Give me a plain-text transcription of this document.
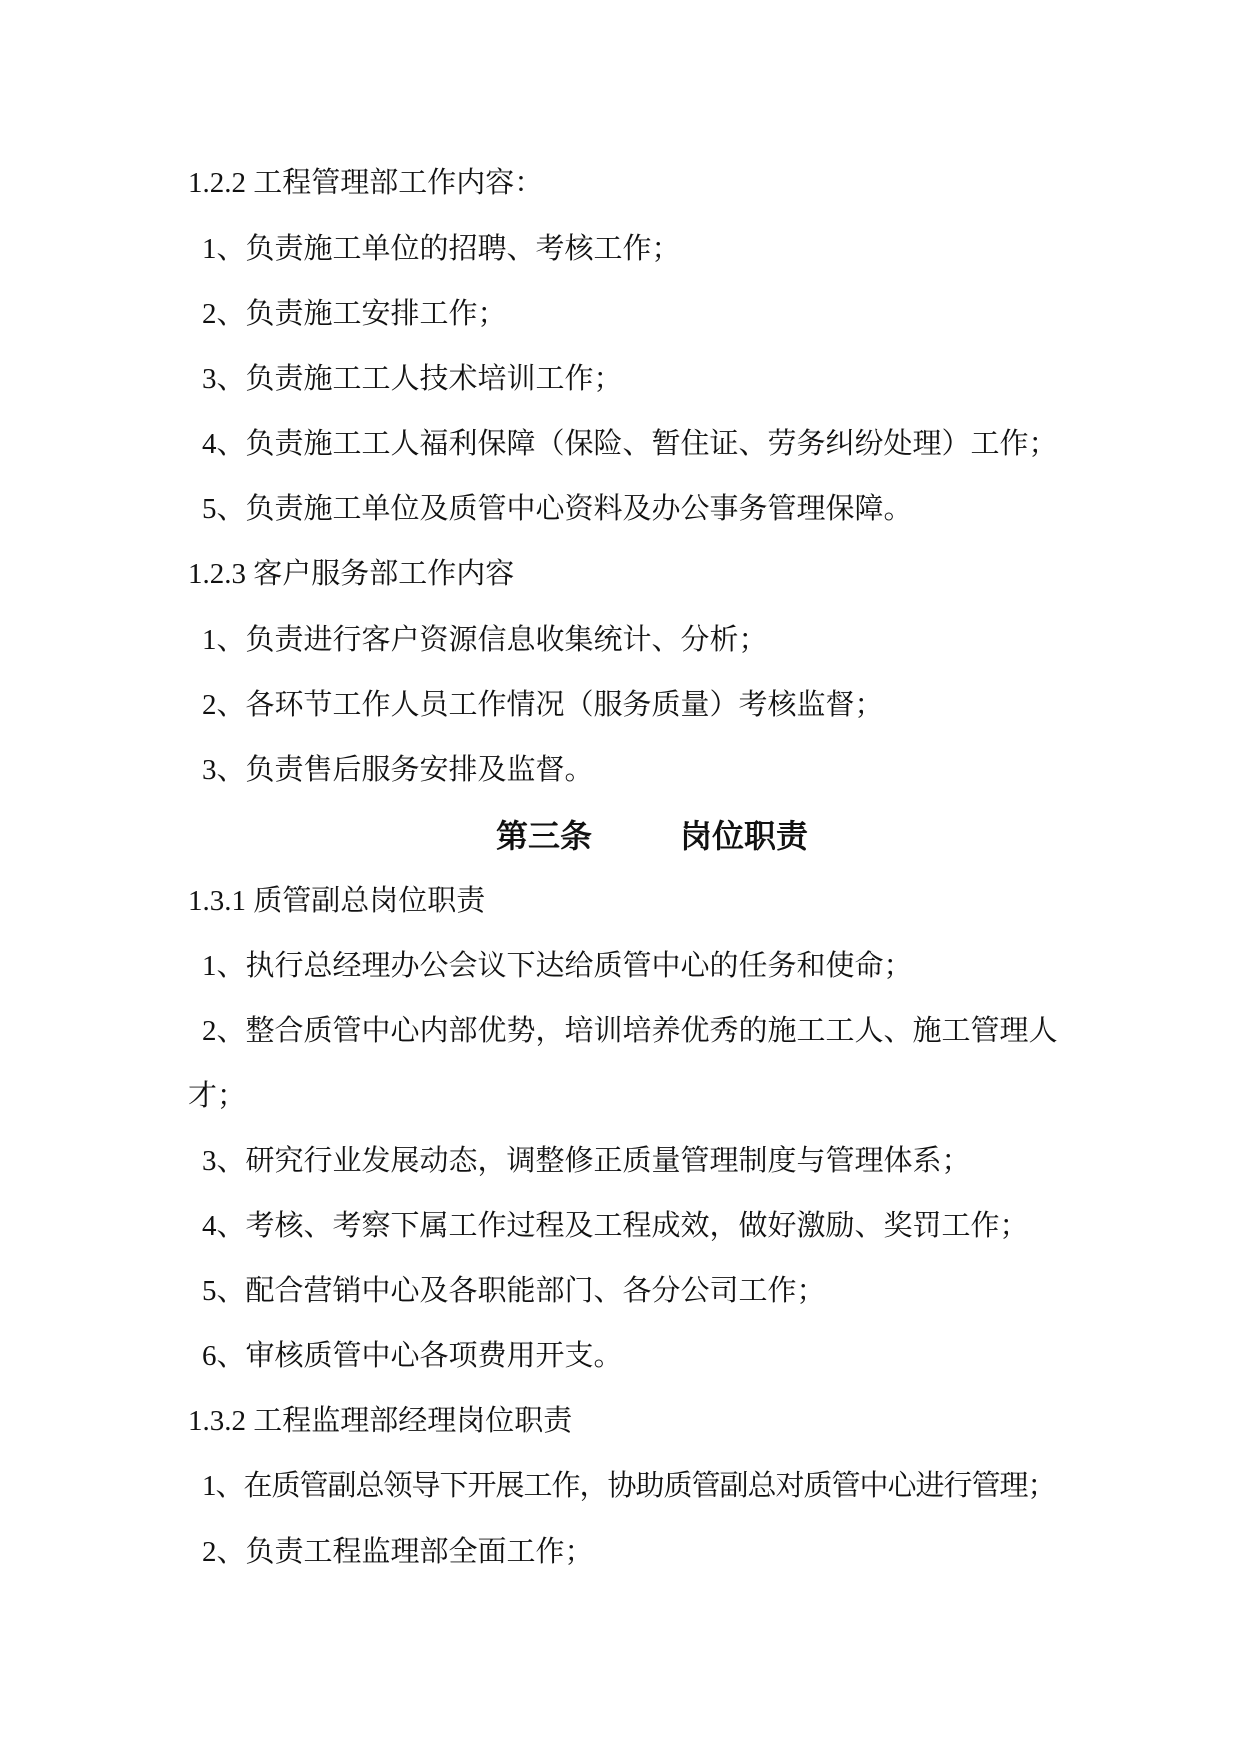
1.2.2 工程管理部工作内容：
1、负责施工单位的招聘、考核工作；
2、负责施工安排工作；
3、负责施工工人技术培训工作；
4、负责施工工人福利保障（保险、暂住证、劳务纠纷处理）工作；
5、负责施工单位及质管中心资料及办公事务管理保障。
1.2.3 客户服务部工作内容
1、负责进行客户资源信息收集统计、分析；
2、各环节工作人员工作情况（服务质量）考核监督；
3、负责售后服务安排及监督。
第三条	岗位职责
1.3.1 质管副总岗位职责
1、执行总经理办公会议下达给质管中心的任务和使命；
2、整合质管中心内部优势，培训培养优秀的施工工人、施工管理人
才；
3、研究行业发展动态，调整修正质量管理制度与管理体系；
4、考核、考察下属工作过程及工程成效，做好激励、奖罚工作；
5、配合营销中心及各职能部门、各分公司工作；
6、审核质管中心各项费用开支。
1.3.2 工程监理部经理岗位职责
1、在质管副总领导下开展工作，协助质管副总对质管中心进行管理；
2、负责工程监理部全面工作；
